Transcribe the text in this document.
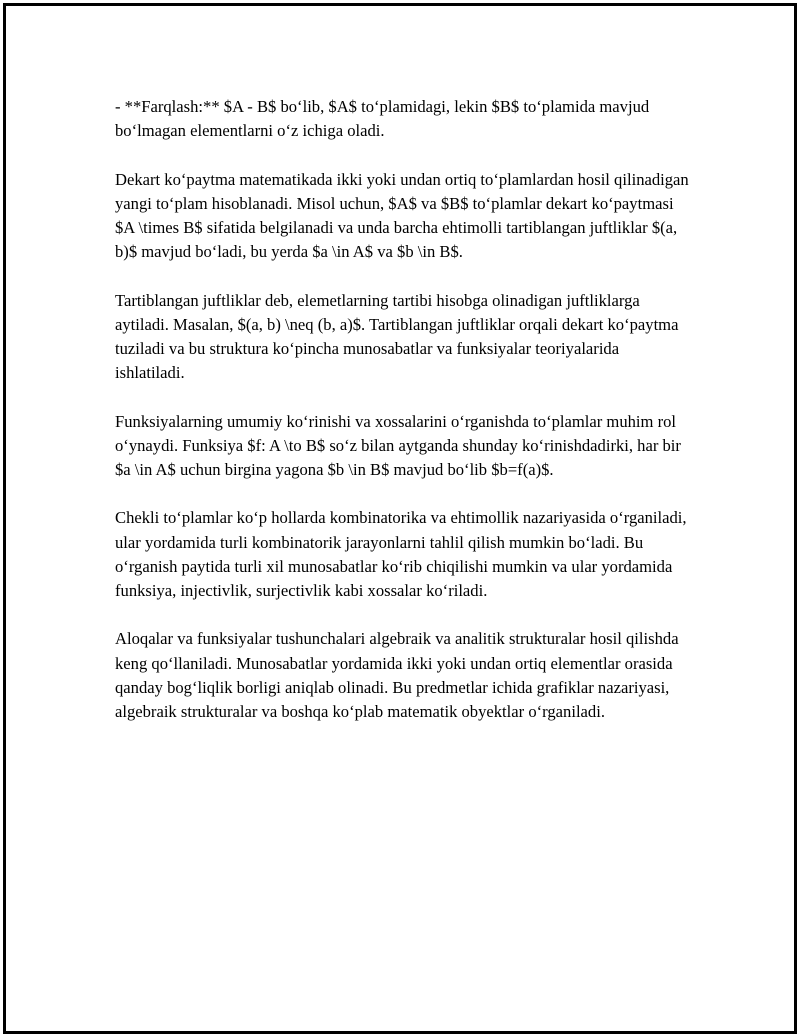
- **Farqlash:** $A - B$ bo‘lib, $A$ to‘plamidagi, lekin $B$ to‘plamida mavjud bo‘lmagan elementlarni o‘z ichiga oladi.

Dekart ko‘paytma matematikada ikki yoki undan ortiq to‘plamlardan hosil qilinadigan yangi to‘plam hisoblanadi. Misol uchun, $A$ va $B$ to‘plamlar dekart ko‘paytmasi $A \times B$ sifatida belgilanadi va unda barcha ehtimolli tartiblangan juftliklar $(a, b)$ mavjud bo‘ladi, bu yerda $a \in A$ va $b \in B$.

Tartiblangan juftliklar deb, elemetlarning tartibi hisobga olinadigan juftliklarga aytiladi. Masalan, $(a, b) \neq (b, a)$. Tartiblangan juftliklar orqali dekart ko‘paytma tuziladi va bu struktura ko‘pincha munosabatlar va funksiyalar teoriyalarida ishlatiladi.

Funksiyalarning umumiy ko‘rinishi va xossalarini o‘rganishda to‘plamlar muhim rol o‘ynaydi. Funksiya $f: A \to B$ so‘z bilan aytganda shunday ko‘rinishdadirki, har bir $a \in A$ uchun birgina yagona $b \in B$ mavjud bo‘lib $b=f(a)$.

Chekli to‘plamlar ko‘p hollarda kombinatorika va ehtimollik nazariyasida o‘rganiladi, ular yordamida turli kombinatorik jarayonlarni tahlil qilish mumkin bo‘ladi. Bu o‘rganish paytida turli xil munosabatlar ko‘rib chiqilishi mumkin va ular yordamida funksiya, injectivlik, surjectivlik kabi xossalar ko‘riladi.

Aloqalar va funksiyalar tushunchalari algebraik va analitik strukturalar hosil qilishda keng qo‘llaniladi. Munosabatlar yordamida ikki yoki undan ortiq elementlar orasida qanday bog‘liqlik borligi aniqlab olinadi. Bu predmetlar ichida grafiklar nazariyasi, algebraik strukturalar va boshqa ko‘plab matematik obyektlar o‘rganiladi.
